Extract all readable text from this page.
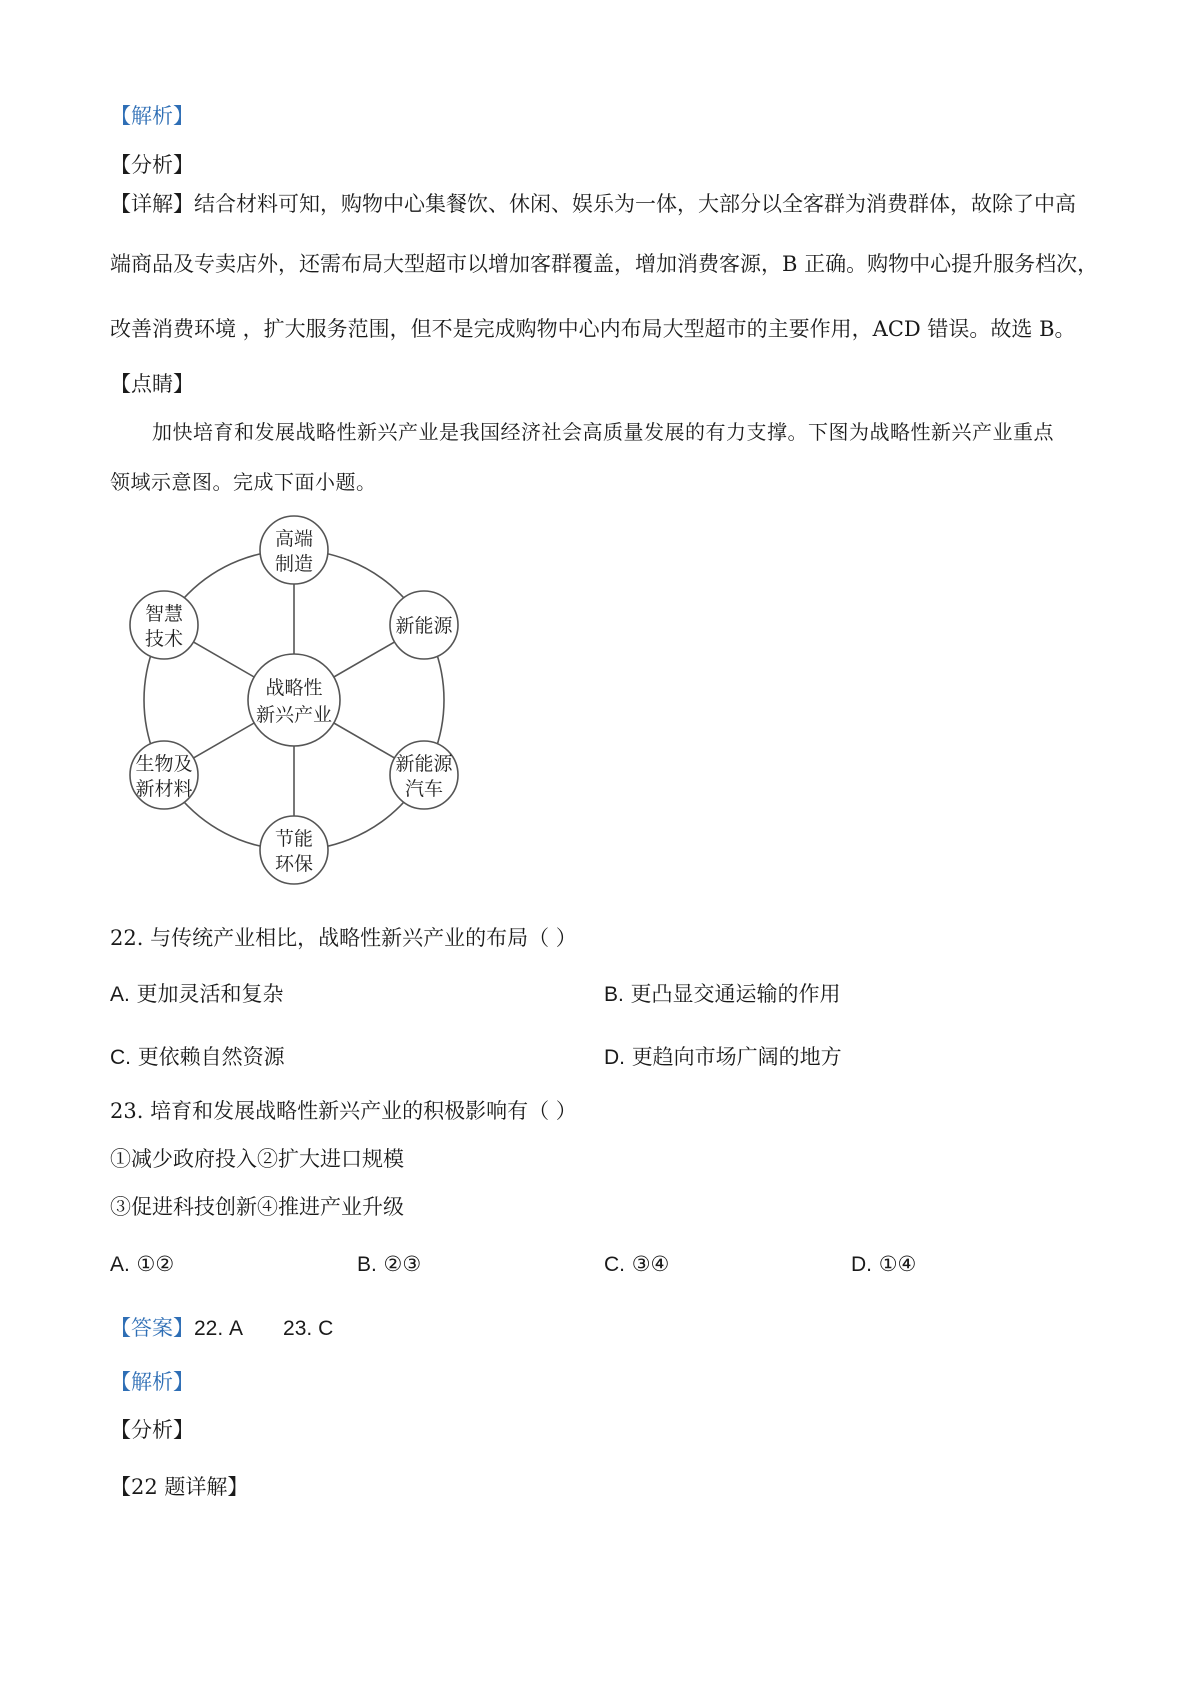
【解析】
【分析】
【详解】结合材料可知，购物中心集餐饮、休闲、娱乐为一体，大部分以全客群为消费群体，故除了中高
端商品及专卖店外，还需布局大型超市以增加客群覆盖，增加消费客源，B 正确。购物中心提升服务档次，
改善消费环境 ，扩大服务范围，但不是完成购物中心内布局大型超市的主要作用，ACD 错误。故选 B。
【点睛】
加快培育和发展战略性新兴产业是我国经济社会高质量发展的有力支撑。下图为战略性新兴产业重点
领域示意图。完成下面小题。
战略性
新兴产业
高端
制造
新能源
新能源
汽车
节能
环保
生物及
新材料
智慧
技术
22. 与传统产业相比，战略性新兴产业的布局（ ）
A. 更加灵活和复杂	B. 更凸显交通运输的作用
C. 更依赖自然资源	D. 更趋向市场广阔的地方
23. 培育和发展战略性新兴产业的积极影响有（ ）
①减少政府投入②扩大进口规模
③促进科技创新④推进产业升级
A. ①②	B. ②③	C. ③④	D. ①④
【答案】22. A 23. C
【解析】
【分析】
【22 题详解】
